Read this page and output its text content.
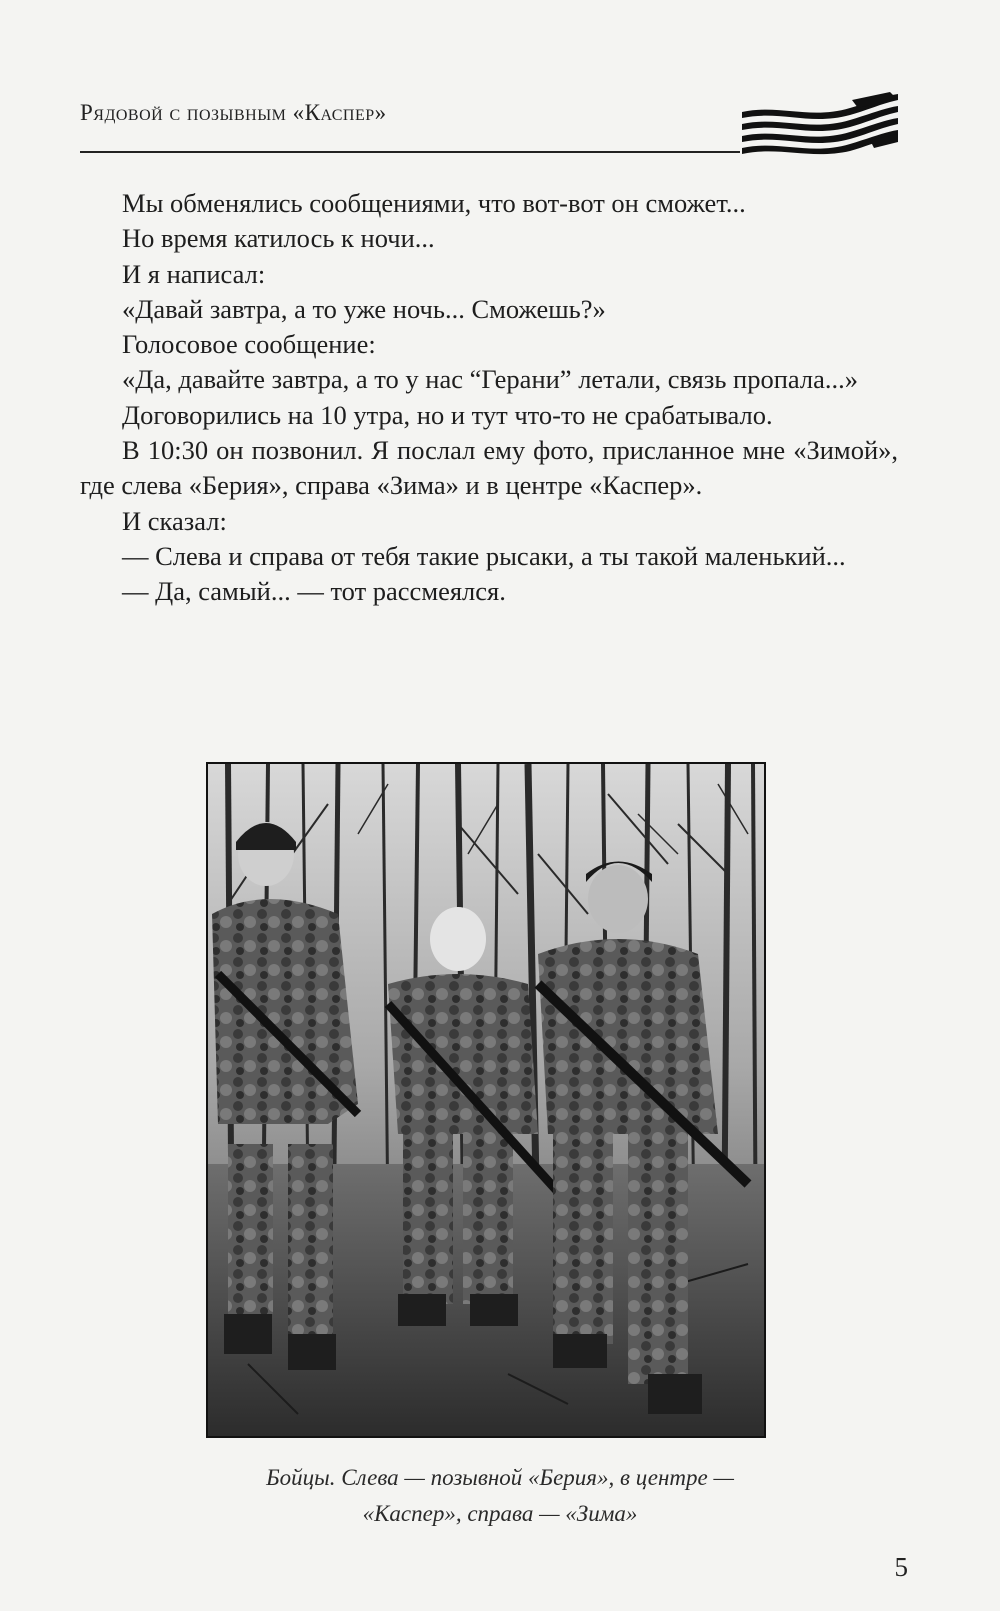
Рядовой с позывным «Каспер»

Мы обменялись сообщениями, что вот-вот он сможет...

Но время катилось к ночи...

И я написал:

«Давай завтра, а то уже ночь... Сможешь?»

Голосовое сообщение:

«Да, давайте завтра, а то у нас “Герани” летали, связь пропала...»

Договорились на 10 утра, но и тут что-то не срабатывало.

В 10:30 он позвонил. Я послал ему фото, присланное мне «Зимой», где слева «Берия», справа «Зима» и в центре «Каспер».

И сказал:

— Слева и справа от тебя такие рысаки, а ты такой маленький...

— Да, самый... — тот рассмеялся.

Бойцы. Слева — позывной «Берия», в центре —
«Каспер», справа — «Зима»
5
